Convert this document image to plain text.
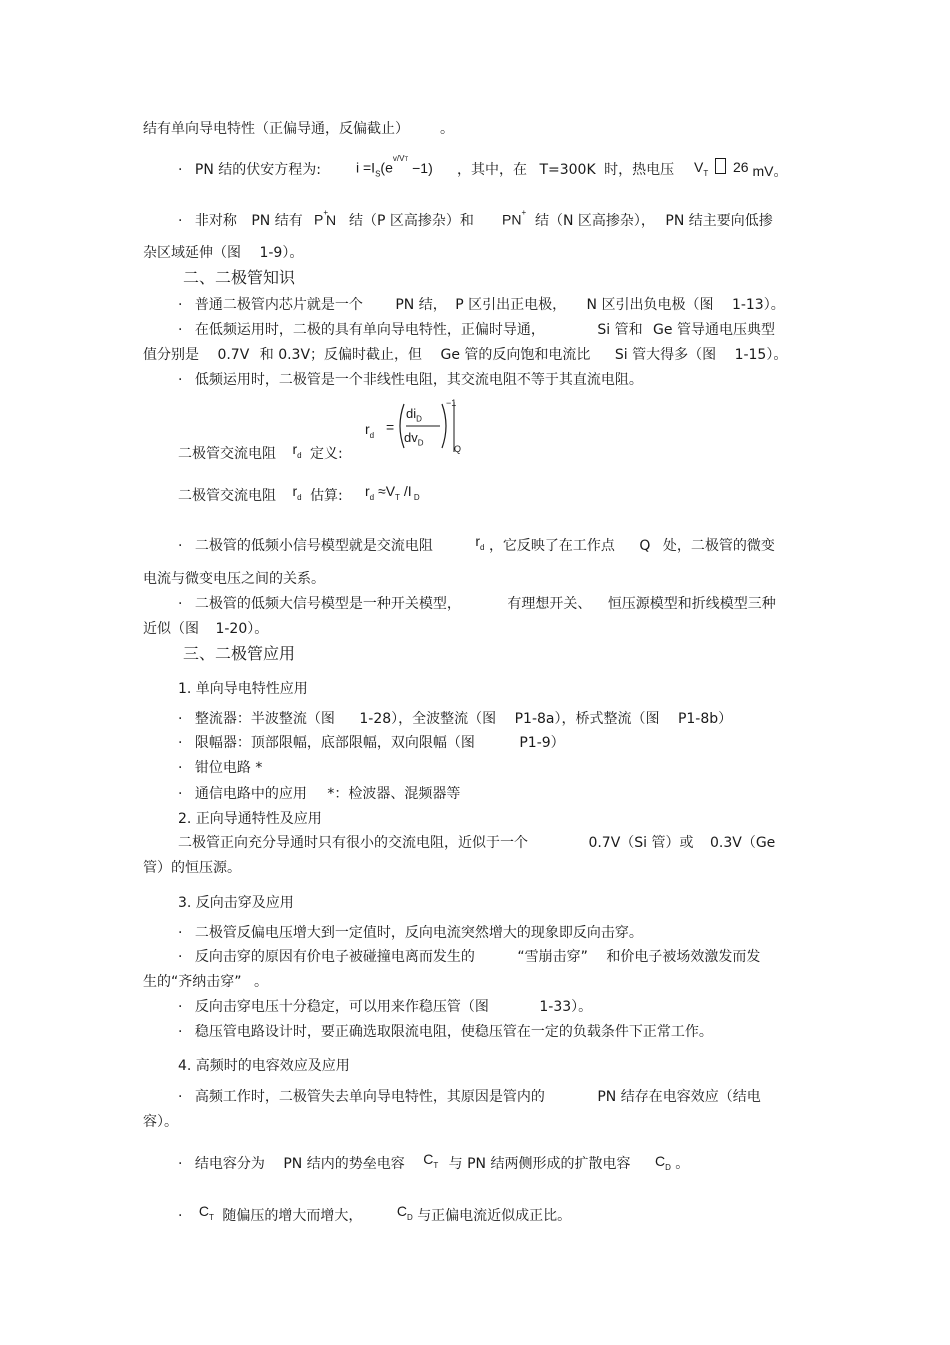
结有单向导电特性（正偏导通，反偏截止）	。
· PN 结的伏安方程为:	$i =I_S(e^{v/VT} -1)$ ，其中，在 T=300K 时，热电压 $V_T$ 26 mV。
· 非对称 PN 结有 P+N 结（P 区高掺杂）和 PN+
结（N 区高掺杂）， PN 结主要向低掺
杂区域延伸（图 1-9）。
二、二极管知识
· 普通二极管内芯片就是一个 PN 结， P 区引出正电极， N 区引出负电极（图 1-13）。
· 在低频运用时，二极的具有单向导电特性，正偏时导通，	Si 管和 Ge 管导通电压典型
值分别是 0.7V 和 0.3V；反偏时截止，但 Ge 管的反向饱和电流比 Si 管大得多（图 1-15）。
· 低频运用时，二极管是一个非线性电阻，其交流电阻不等于其直流电阻。
$r_d$
=
$di_D$
$dv_D$
−1
Q
二极管交流电阻 $r_d$ 定义:
二极管交流电阻 $r_d$ 估算: $r_d \approx V_T$ /I $_D$
· 二极管的低频小信号模型就是交流电阻	$r_d$ ，它反映了在工作点 Q 处，二极管的微变
电流与微变电压之间的关系。
· 二极管的低频大信号模型是一种开关模型，	有理想开关、 恒压源模型和折线模型三种
近似（图 1-20）。
三、二极管应用
1. 单向导电特性应用
· 整流器：半波整流（图 1-28），全波整流（图 P1-8a），桥式整流（图 P1-8b）
· 限幅器：顶部限幅，底部限幅，双向限幅（图	P1-9）
· 钳位电路 *
· 通信电路中的应用 *：检波器、混频器等
2. 正向导通特性及应用
二极管正向充分导通时只有很小的交流电阻，近似于一个	0.7V（Si 管）或 0.3V（Ge
管）的恒压源。
3. 反向击穿及应用
· 二极管反偏电压增大到一定值时，反向电流突然增大的现象即反向击穿。
· 反向击穿的原因有价电子被碰撞电离而发生的	“雪崩击穿” 和价电子被场效激发而发
生的“齐纳击穿” 。
· 反向击穿电压十分稳定，可以用来作稳压管（图	1-33）。
· 稳压管电路设计时，要正确选取限流电阻，使稳压管在一定的负载条件下正常工作。
4. 高频时的电容效应及应用
· 高频工作时，二极管失去单向导电特性，其原因是管内的	PN 结存在电容效应（结电
容）。
· 结电容分为 PN 结内的势垒电容 $C_T$ 与 PN 结两侧形成的扩散电容 $C_D$ 。
· $C_T$ 随偏压的增大而增大， $C_D$ 与正偏电流近似成正比。
